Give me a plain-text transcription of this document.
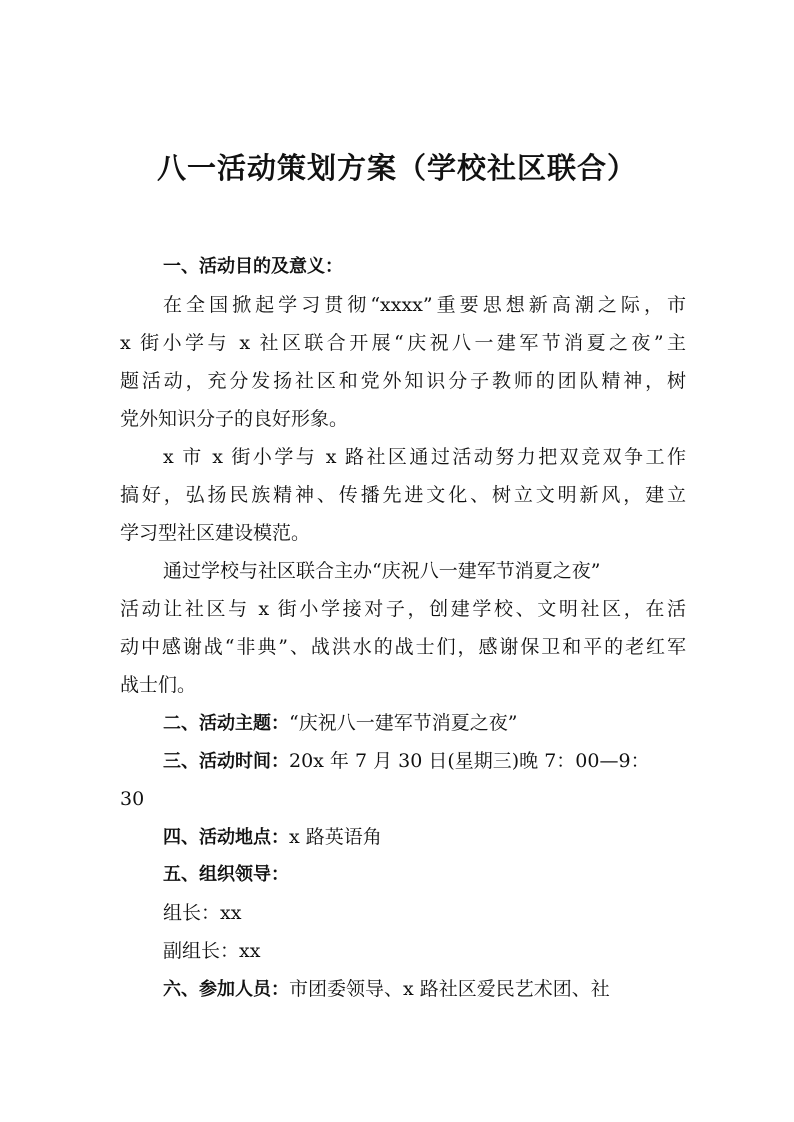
八一活动策划方案（学校社区联合）
一、活动目的及意义：
在全国掀起学习贯彻“xxxx”重要思想新高潮之际，市
x 街小学与 x 社区联合开展“庆祝八一建军节消夏之夜”主
题活动，充分发扬社区和党外知识分子教师的团队精神，树
党外知识分子的良好形象。
x 市 x 街小学与 x 路社区通过活动努力把双竞双争工作
搞好，弘扬民族精神、传播先进文化、树立文明新风，建立
学习型社区建设模范。
通过学校与社区联合主办“庆祝八一建军节消夏之夜”
活动让社区与 x 街小学接对子，创建学校、文明社区，在活
动中感谢战“非典”、战洪水的战士们，感谢保卫和平的老红军
战士们。
二、活动主题：“庆祝八一建军节消夏之夜”
三、活动时间：20x 年 7 月 30 日(星期三)晚 7：00—9：
30
四、活动地点：x 路英语角
五、组织领导：
组长：xx
副组长：xx
六、参加人员：市团委领导、x 路社区爱民艺术团、社
